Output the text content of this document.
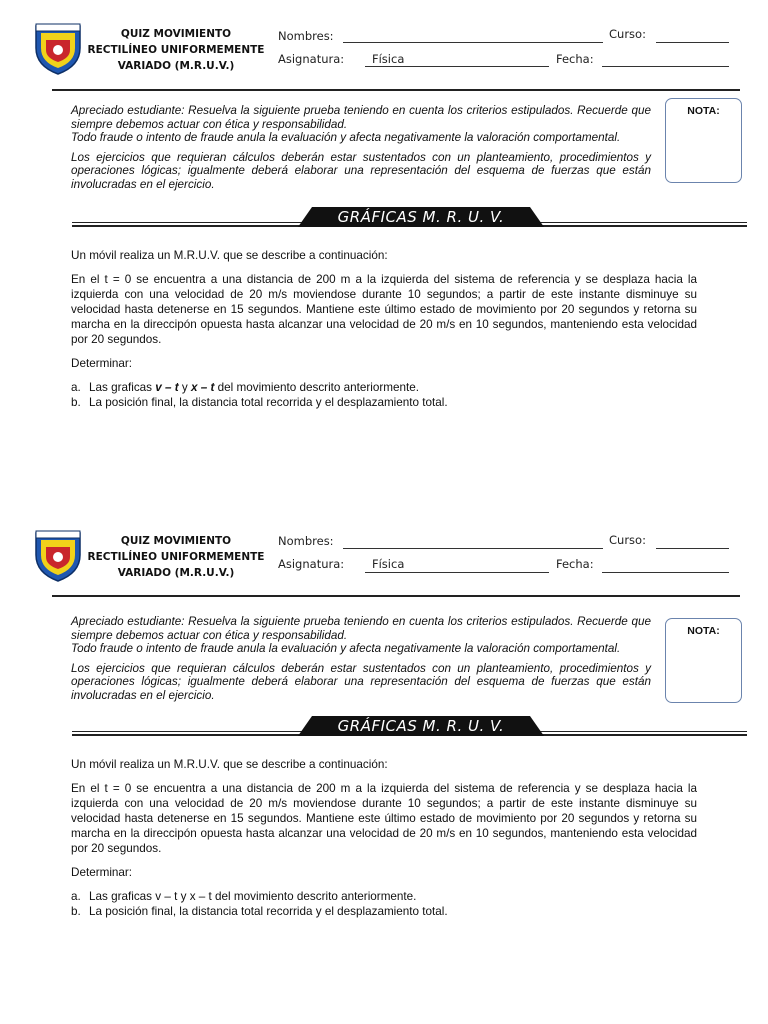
QUIZ MOVIMIENTO
RECTILÍNEO UNIFORMEMENTE
VARIADO (M.R.U.V.)
Nombres:	Curso:
Asignatura: Física	Fecha:

Apreciado estudiante: Resuelva la siguiente prueba teniendo en cuenta los criterios estipulados. Recuerde que siempre debemos actuar con ética y responsabilidad.

Todo fraude o intento de fraude anula la evaluación y afecta negativamente la valoración comportamental.

Los ejercicios que requieran cálculos deberán estar sustentados con un planteamiento, procedimientos y operaciones lógicas; igualmente deberá elaborar una representación del esquema de fuerzas que están involucradas en el ejercicio.

NOTA:
GRÁFICAS M. R. U. V.

Un móvil realiza un M.R.U.V. que se describe a continuación:

En el t = 0 se encuentra a una distancia de 200 m a la izquierda del sistema de referencia y se desplaza hacia la izquierda con una velocidad de 20 m/s moviendose durante 10 segundos; a partir de este instante disminuye su velocidad hasta detenerse en 15 segundos. Mantiene este último estado de movimiento por 20 segundos y retorna su marcha en la direccipón opuesta hasta alcanzar una velocidad de 20 m/s en 10 segundos, manteniendo esta velocidad por 20 segundos.

Determinar:

a. Las graficas v – t y x – t del movimiento descrito anteriormente.
b. La posición final, la distancia total recorrida y el desplazamiento total.
QUIZ MOVIMIENTO
RECTILÍNEO UNIFORMEMENTE
VARIADO (M.R.U.V.)
Nombres:	Curso:
Asignatura: Física	Fecha:

Apreciado estudiante: Resuelva la siguiente prueba teniendo en cuenta los criterios estipulados. Recuerde que siempre debemos actuar con ética y responsabilidad.

Todo fraude o intento de fraude anula la evaluación y afecta negativamente la valoración comportamental.

Los ejercicios que requieran cálculos deberán estar sustentados con un planteamiento, procedimientos y operaciones lógicas; igualmente deberá elaborar una representación del esquema de fuerzas que están involucradas en el ejercicio.

NOTA:
GRÁFICAS M. R. U. V.

Un móvil realiza un M.R.U.V. que se describe a continuación:

En el t = 0 se encuentra a una distancia de 200 m a la izquierda del sistema de referencia y se desplaza hacia la izquierda con una velocidad de 20 m/s moviendose durante 10 segundos; a partir de este instante disminuye su velocidad hasta detenerse en 15 segundos. Mantiene este último estado de movimiento por 20 segundos y retorna su marcha en la direccipón opuesta hasta alcanzar una velocidad de 20 m/s en 10 segundos, manteniendo esta velocidad por 20 segundos.

Determinar:

a. Las graficas v – t y x – t del movimiento descrito anteriormente.
b. La posición final, la distancia total recorrida y el desplazamiento total.
